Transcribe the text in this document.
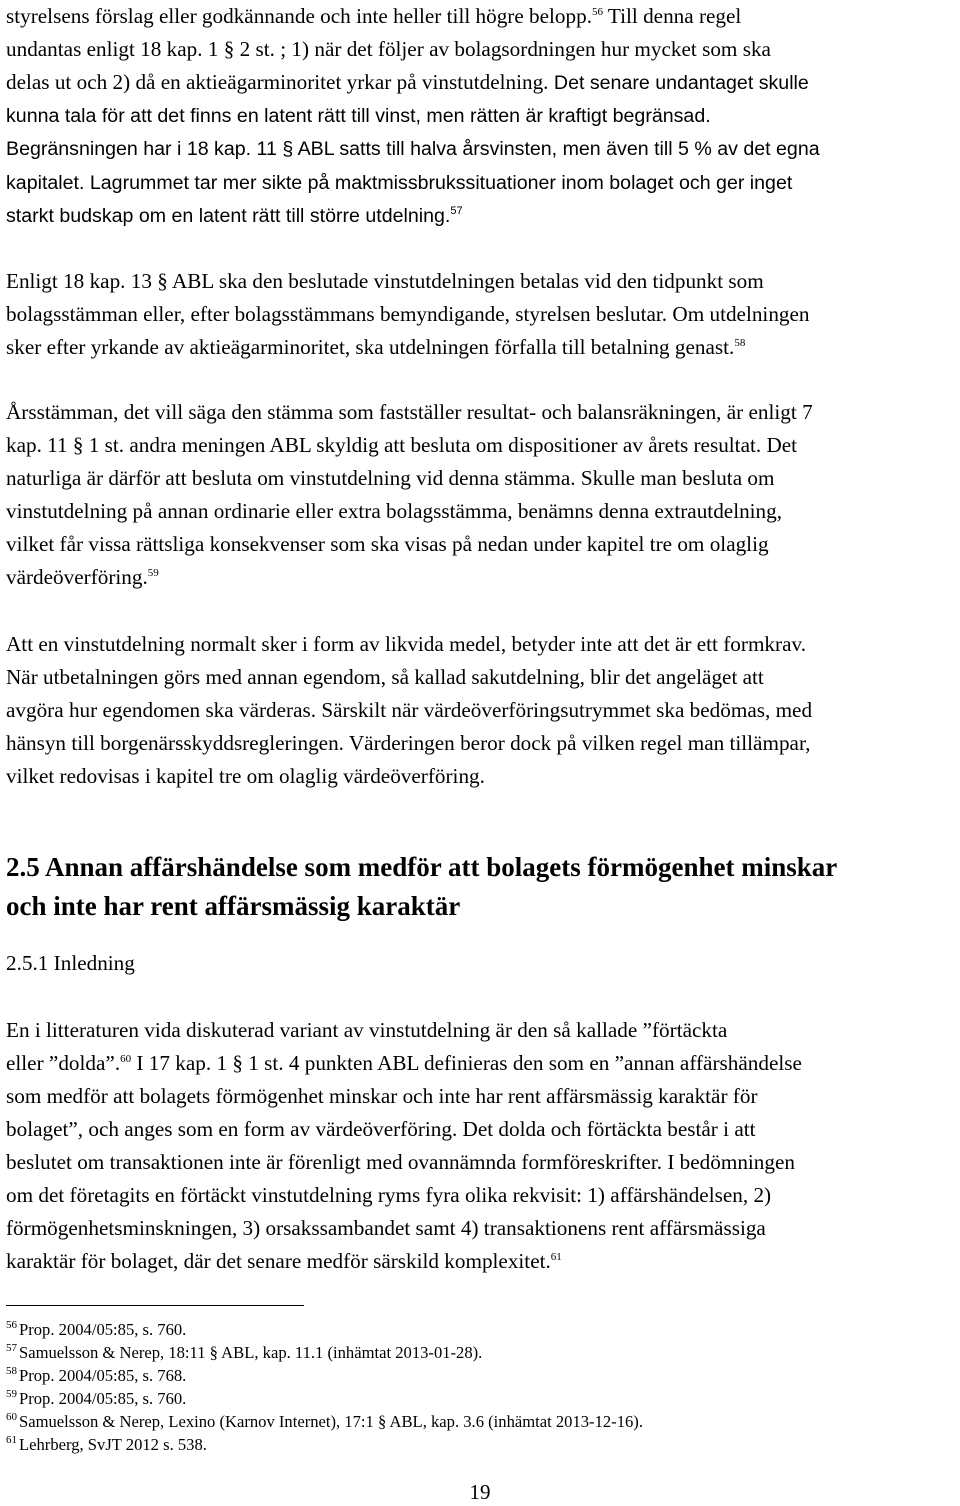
styrelsens förslag eller godkännande och inte heller till högre belopp.$^{56}$ Till denna regel

undantas enligt 18 kap. 1 § 2 st. ; 1) när det följer av bolagsordningen hur mycket som ska

delas ut och 2) då en aktieägarminoritet yrkar på vinstutdelning. Det senare undantaget skulle

kunna tala för att det finns en latent rätt till vinst, men rätten är kraftigt begränsad.

Begränsningen har i 18 kap. 11 § ABL satts till halva årsvinsten, men även till 5 % av det egna

kapitalet. Lagrummet tar mer sikte på maktmissbrukssituationer inom bolaget och ger inget

starkt budskap om en latent rätt till större utdelning.$^{57}$

Enligt 18 kap. 13 § ABL ska den beslutade vinstutdelningen betalas vid den tidpunkt som

bolagsstämman eller, efter bolagsstämmans bemyndigande, styrelsen beslutar. Om utdelningen

sker efter yrkande av aktieägarminoritet, ska utdelningen förfalla till betalning genast.$^{58}$

Årsstämman, det vill säga den stämma som fastställer resultat- och balansräkningen, är enligt 7

kap. 11 § 1 st. andra meningen ABL skyldig att besluta om dispositioner av årets resultat. Det

naturliga är därför att besluta om vinstutdelning vid denna stämma. Skulle man besluta om

vinstutdelning på annan ordinarie eller extra bolagsstämma, benämns denna extrautdelning,

vilket får vissa rättsliga konsekvenser som ska visas på nedan under kapitel tre om olaglig

värdeöverföring.$^{59}$

Att en vinstutdelning normalt sker i form av likvida medel, betyder inte att det är ett formkrav.

När utbetalningen görs med annan egendom, så kallad sakutdelning, blir det angeläget att

avgöra hur egendomen ska värderas. Särskilt när värdeöverföringsutrymmet ska bedömas, med

hänsyn till borgenärsskyddsregleringen. Värderingen beror dock på vilken regel man tillämpar,

vilket redovisas i kapitel tre om olaglig värdeöverföring.

2.5 Annan affärshändelse som medför att bolagets förmögenhet minskar

och inte har rent affärsmässig karaktär

2.5.1 Inledning

En i litteraturen vida diskuterad variant av vinstutdelning är den så kallade ”förtäckta

eller ”dolda”.$^{60}$ I 17 kap. 1 § 1 st. 4 punkten ABL definieras den som en ”annan affärshändelse

som medför att bolagets förmögenhet minskar och inte har rent affärsmässig karaktär för

bolaget”, och anges som en form av värdeöverföring. Det dolda och förtäckta består i att

beslutet om transaktionen inte är förenligt med ovannämnda formföreskrifter. I bedömningen

om det företagits en förtäckt vinstutdelning ryms fyra olika rekvisit: 1) affärshändelsen, 2)

förmögenhetsminskningen, 3) orsakssambandet samt 4) transaktionens rent affärsmässiga

karaktär för bolaget, där det senare medför särskild komplexitet.$^{61}$

$^{56}$ Prop. 2004/05:85, s. 760.

$^{57}$ Samuelsson & Nerep, 18:11 § ABL, kap. 11.1 (inhämtat 2013-01-28).

$^{58}$ Prop. 2004/05:85, s. 768.

$^{59}$ Prop. 2004/05:85, s. 760.

$^{60}$ Samuelsson & Nerep, Lexino (Karnov Internet), 17:1 § ABL, kap. 3.6 (inhämtat 2013-12-16).

$^{61}$ Lehrberg, SvJT 2012 s. 538.

19
